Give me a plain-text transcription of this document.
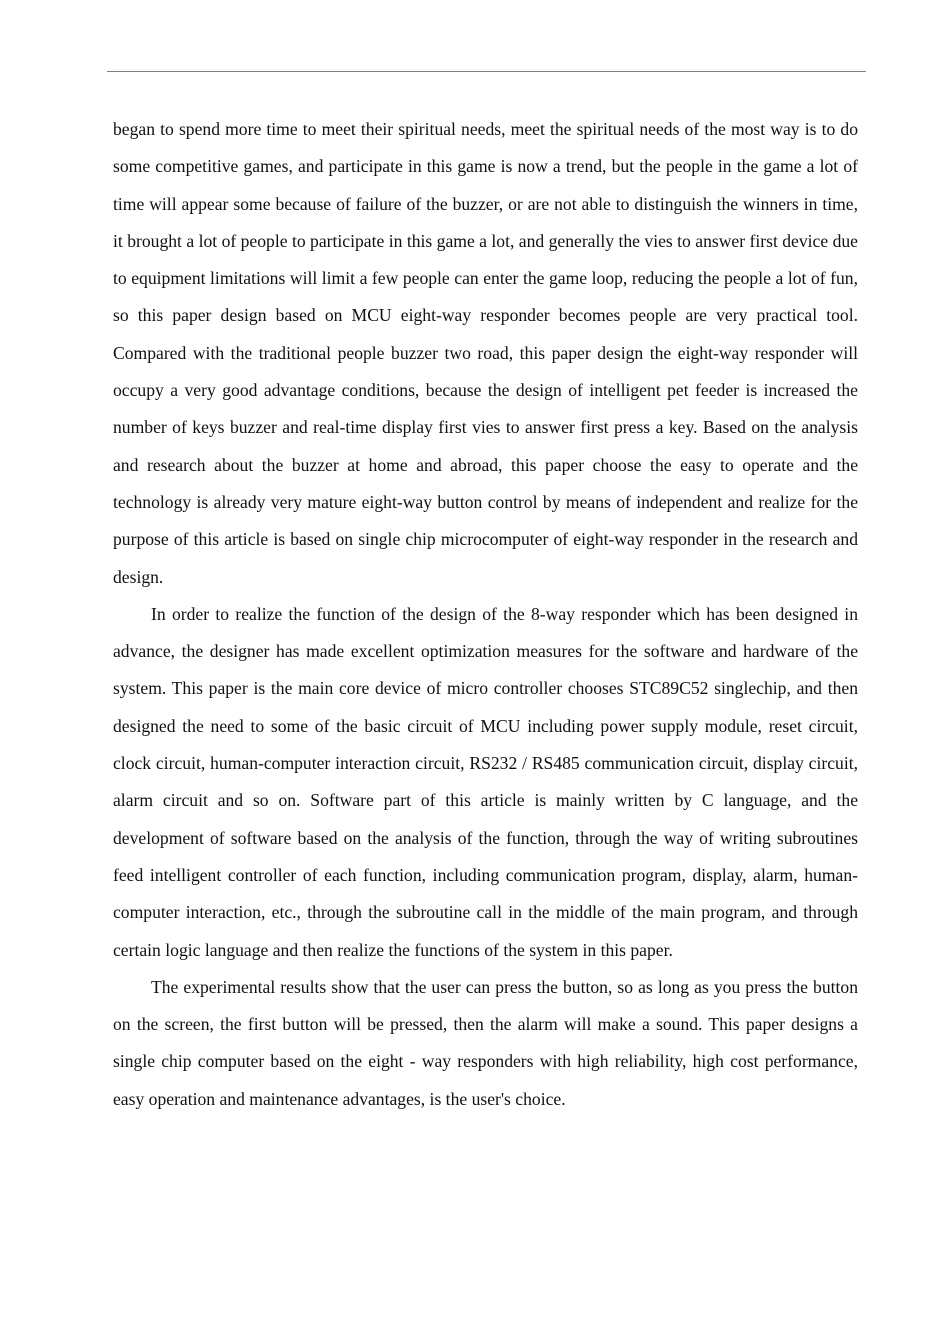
began to spend more time to meet their spiritual needs, meet the spiritual needs of the most way is to do some competitive games, and participate in this game is now a trend, but the people in the game a lot of time will appear some because of failure of the buzzer, or are not able to distinguish the winners in time, it brought a lot of people to participate in this game a lot, and generally the vies to answer first device due to equipment limitations will limit a few people can enter the game loop, reducing the people a lot of fun, so this paper design based on MCU eight-way responder becomes people are very practical tool. Compared with the traditional people buzzer two road, this paper design the eight-way responder will occupy a very good advantage conditions, because the design of intelligent pet feeder is increased the number of keys buzzer and real-time display first vies to answer first press a key. Based on the analysis and research about the buzzer at home and abroad, this paper choose the easy to operate and the technology is already very mature eight-way button control by means of independent and realize for the purpose of this article is based on single chip microcomputer of eight-way responder in the research and design.

In order to realize the function of the design of the 8-way responder which has been designed in advance, the designer has made excellent optimization measures for the software and hardware of the system. This paper is the main core device of micro controller chooses STC89C52 singlechip, and then designed the need to some of the basic circuit of MCU including power supply module, reset circuit, clock circuit, human-computer interaction circuit, RS232 / RS485 communication circuit, display circuit, alarm circuit and so on. Software part of this article is mainly written by C language, and the development of software based on the analysis of the function, through the way of writing subroutines feed intelligent controller of each function, including communication program, display, alarm, human-computer interaction, etc., through the subroutine call in the middle of the main program, and through certain logic language and then realize the functions of the system in this paper.

The experimental results show that the user can press the button, so as long as you press the button on the screen, the first button will be pressed, then the alarm will make a sound. This paper designs a single chip computer based on the eight - way responders with high reliability, high cost performance, easy operation and maintenance advantages, is the user's choice.
